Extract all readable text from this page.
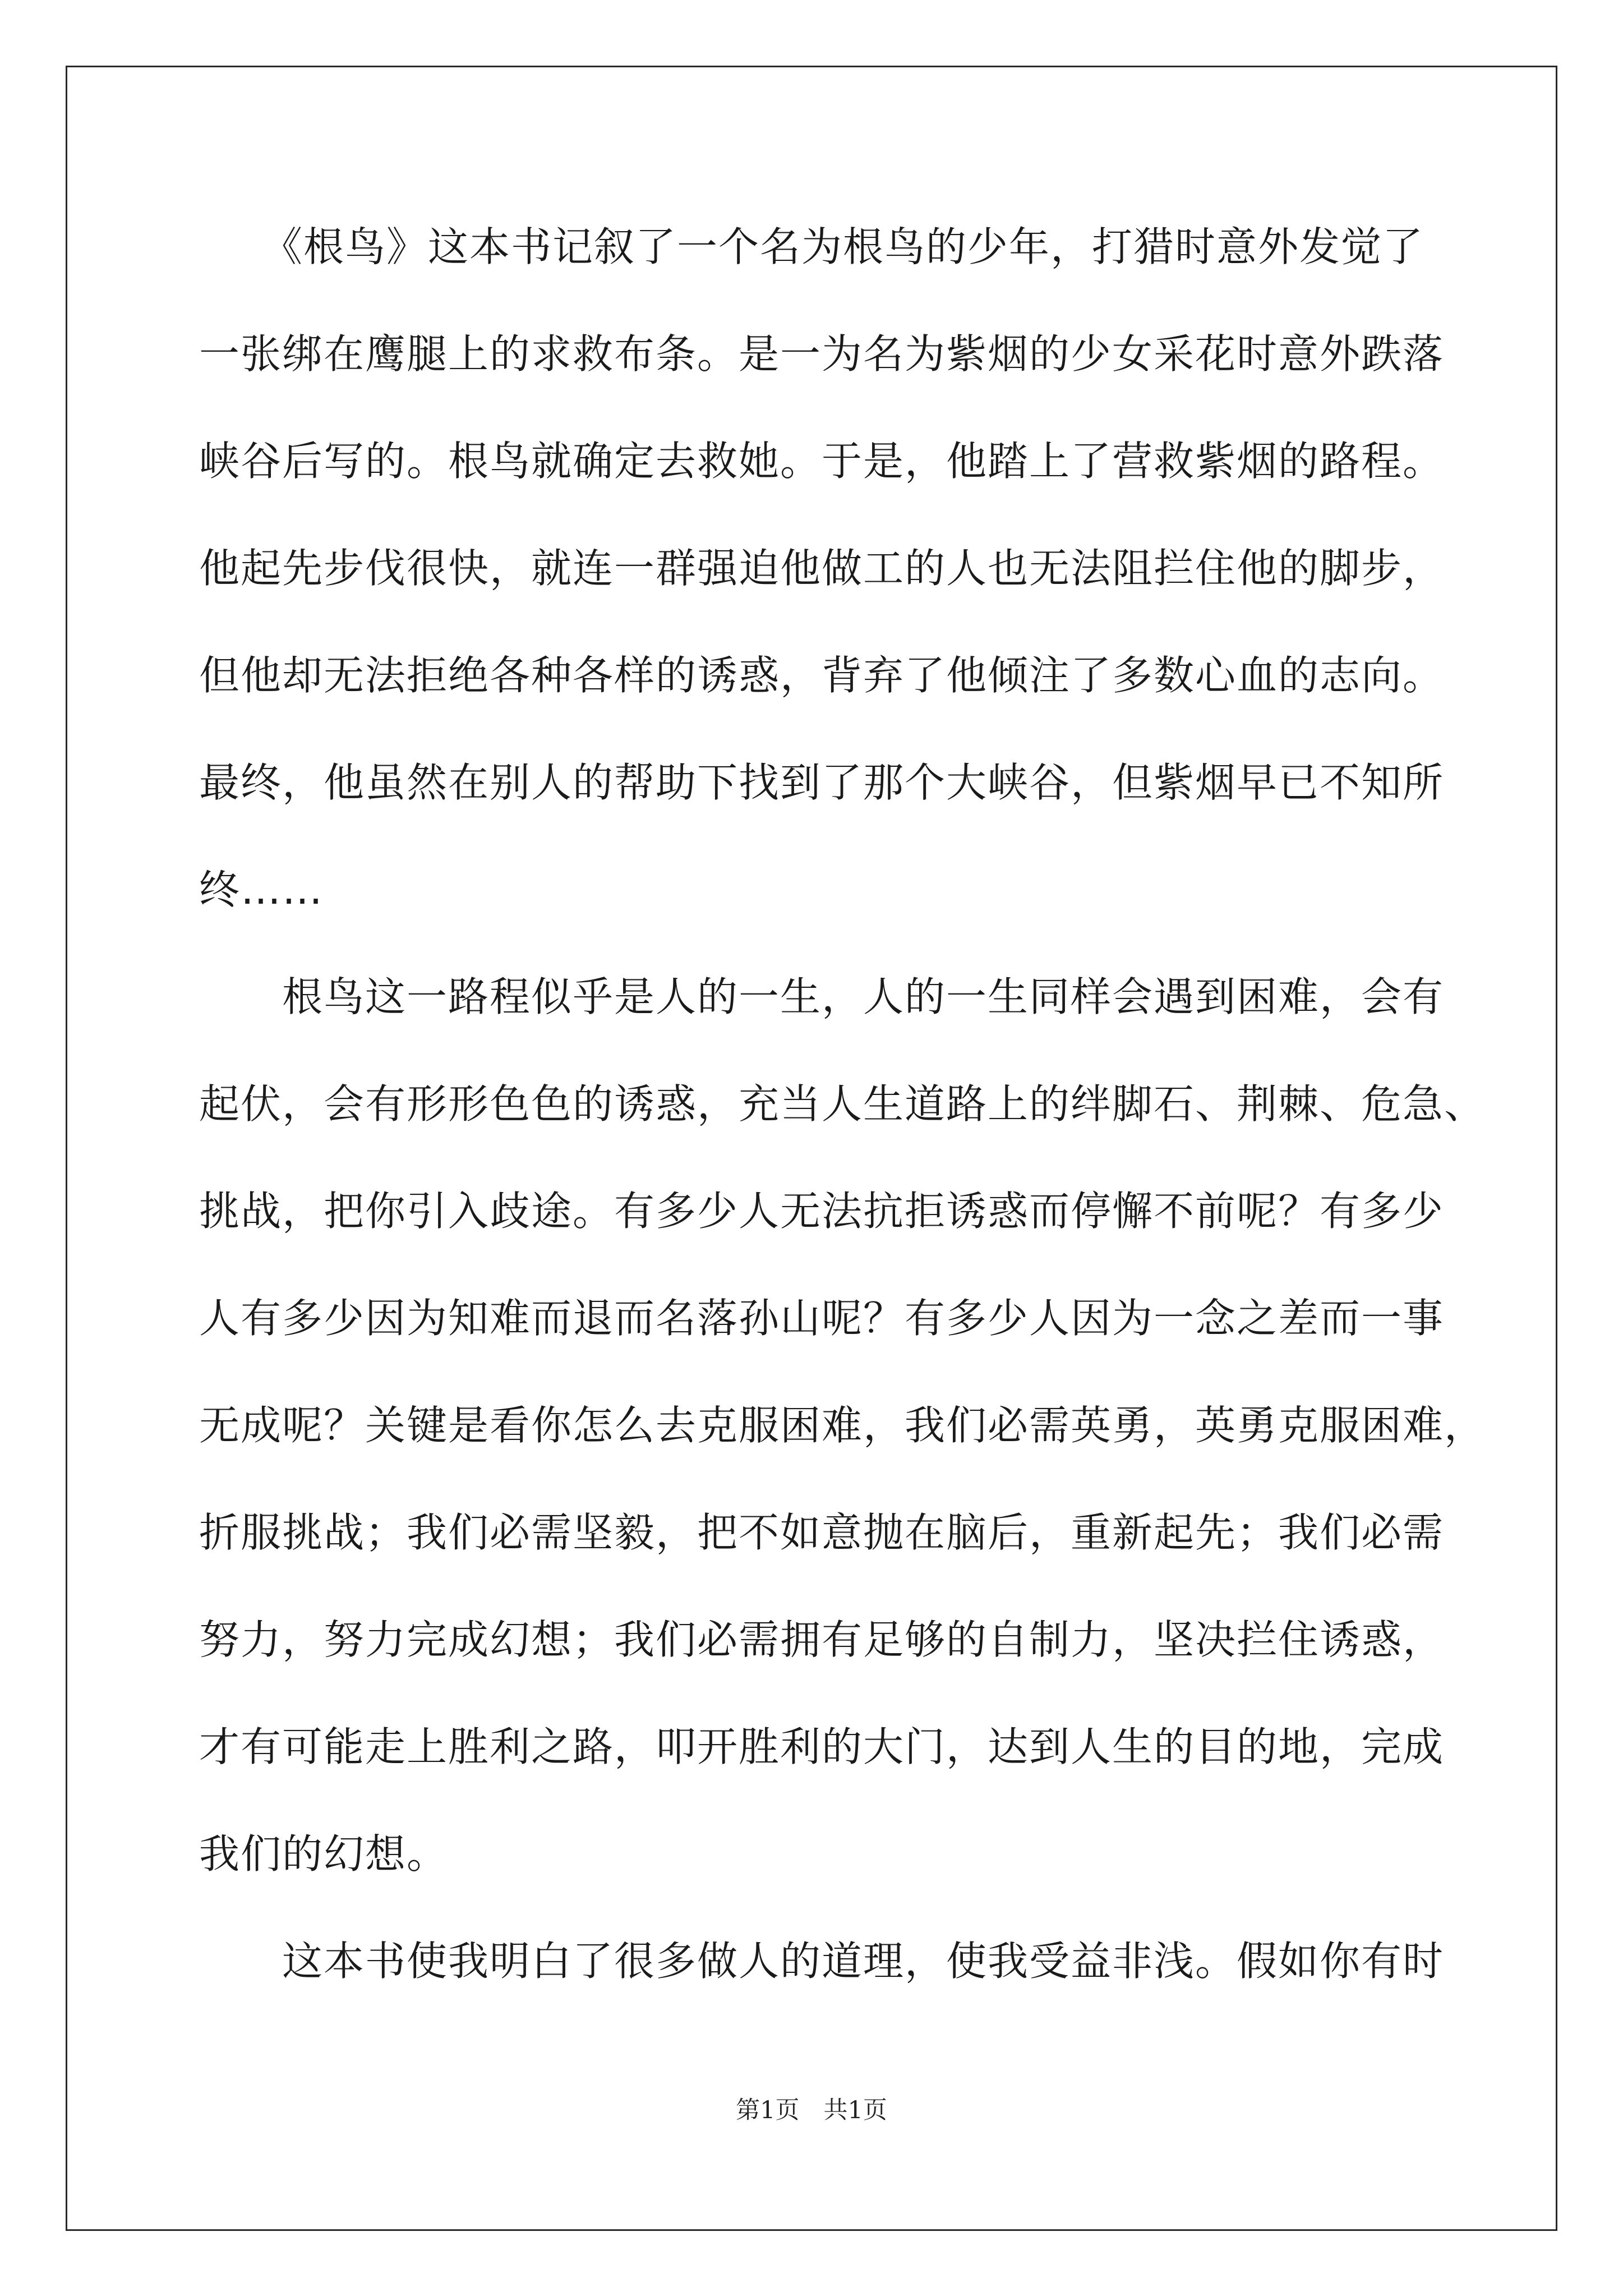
　　《根鸟》这本书记叙了一个名为根鸟的少年，打猎时意外发觉了
一张绑在鹰腿上的求救布条。是一为名为紫烟的少女采花时意外跌落
峡谷后写的。根鸟就确定去救她。于是，他踏上了营救紫烟的路程。
他起先步伐很快，就连一群强迫他做工的人也无法阻拦住他的脚步，
但他却无法拒绝各种各样的诱惑，背弃了他倾注了多数心血的志向。
最终，他虽然在别人的帮助下找到了那个大峡谷，但紫烟早已不知所
终……
　　根鸟这一路程似乎是人的一生，人的一生同样会遇到困难，会有
起伏，会有形形色色的诱惑，充当人生道路上的绊脚石、荆棘、危急、
挑战，把你引入歧途。有多少人无法抗拒诱惑而停懈不前呢？有多少
人有多少因为知难而退而名落孙山呢？有多少人因为一念之差而一事
无成呢？关键是看你怎么去克服困难，我们必需英勇，英勇克服困难，
折服挑战；我们必需坚毅，把不如意抛在脑后，重新起先；我们必需
努力，努力完成幻想；我们必需拥有足够的自制力，坚决拦住诱惑，
才有可能走上胜利之路，叩开胜利的大门，达到人生的目的地，完成
我们的幻想。
　　这本书使我明白了很多做人的道理，使我受益非浅。假如你有时
第1页　共1页
